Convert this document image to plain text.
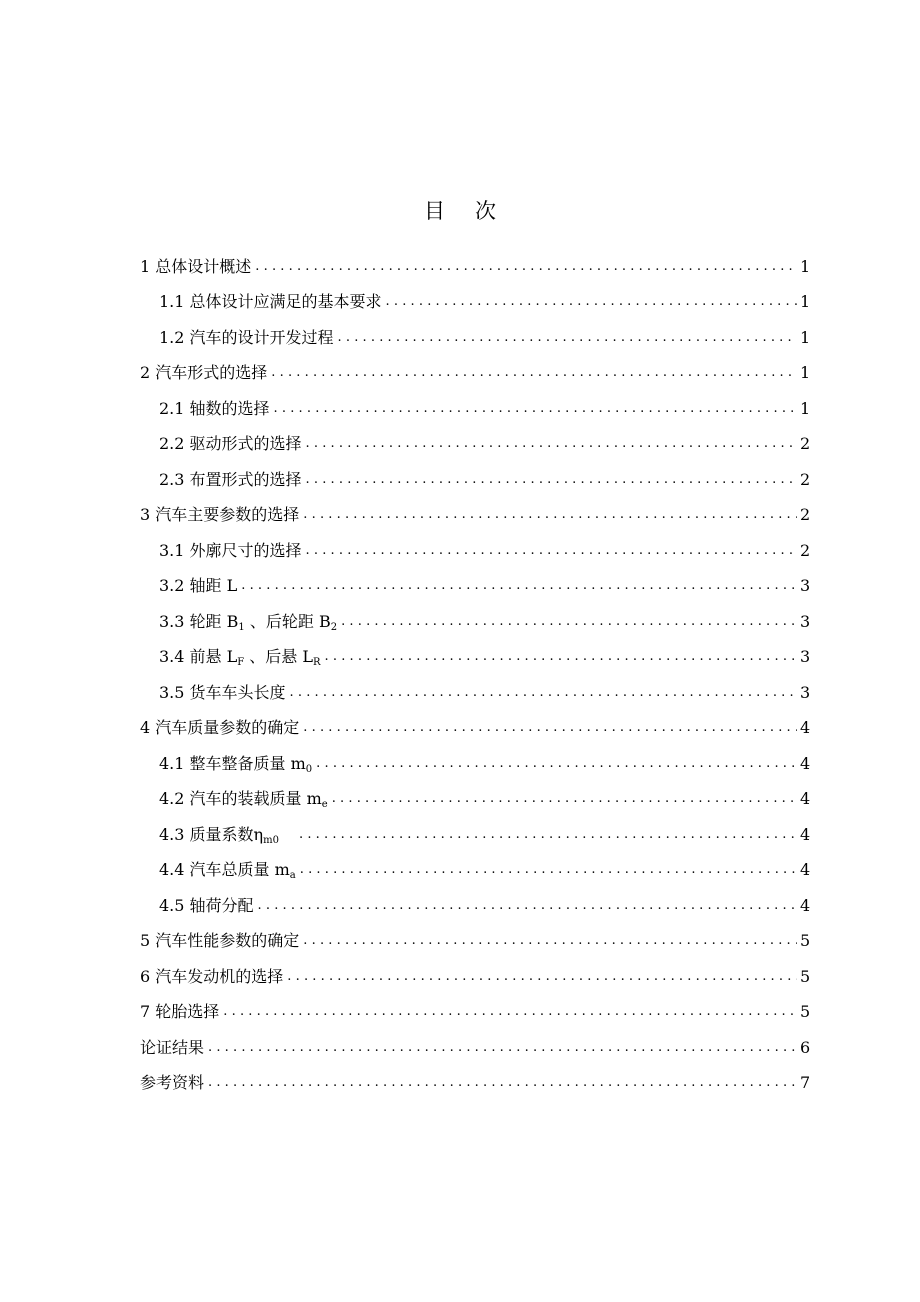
目 次
1 总体设计概述 .....	1
1.1 总体设计应满足的基本要求 .....	1
1.2 汽车的设计开发过程 .....	1
2 汽车形式的选择 .....	1
2.1 轴数的选择 .....	1
2.2 驱动形式的选择 .....	2
2.3 布置形式的选择 .....	2
3 汽车主要参数的选择 .....	2
3.1 外廓尺寸的选择 .....	2
3.2 轴距 L .....	3
3.3 轮距 $B_1$ 、后轮距 $B_2$ .....	3
3.4 前悬 $L_F$ 、后悬 $L_R$ .....	3
3.5 货车车头长度 .....	3
4 汽车质量参数的确定 .....	4
4.1 整车整备质量 $m_0$ .....	4
4.2 汽车的装载质量 $m_e$ .....	4
4.3 质量系数$\eta_{m0}$  .....	4
4.4 汽车总质量 $m_a$ .....	4
4.5 轴荷分配 .....	4
5 汽车性能参数的确定 .....	5
6 汽车发动机的选择 .....	5
7 轮胎选择 .....	5
论证结果 .....	6
参考资料 .....	7
